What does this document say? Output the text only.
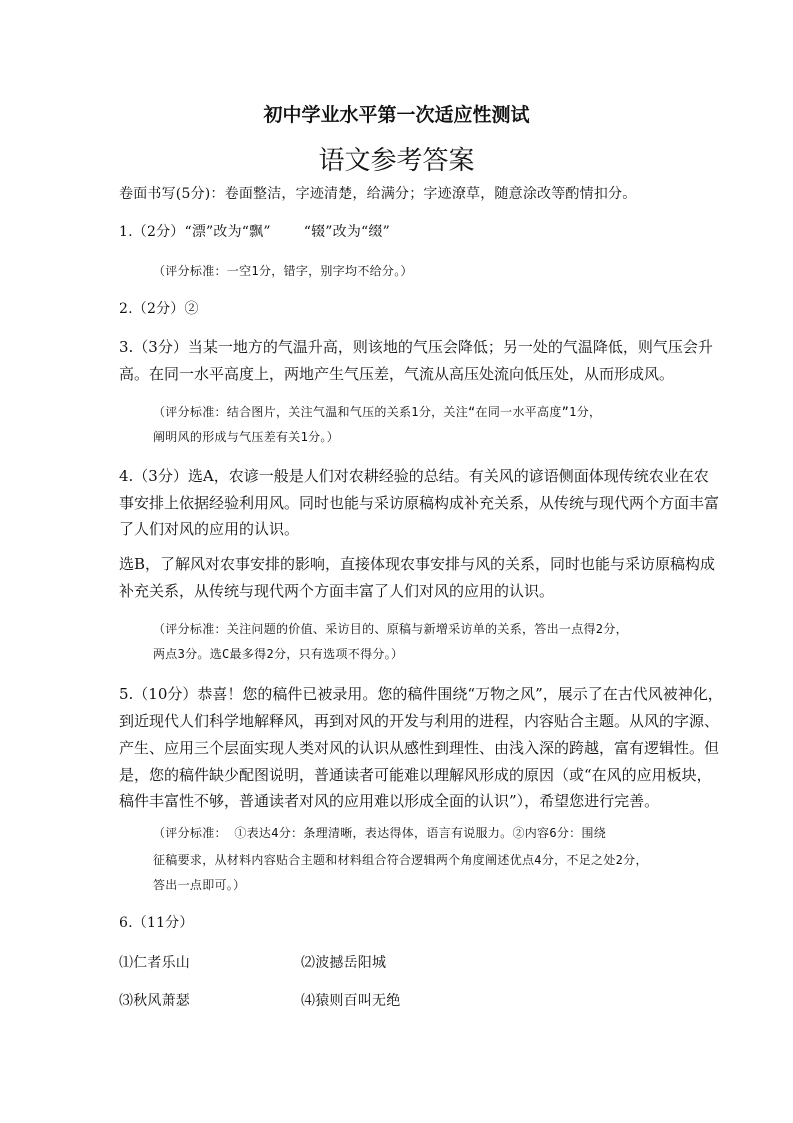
初中学业水平第一次适应性测试
语文参考答案
卷面书写(5分)：卷面整洁，字迹清楚，给满分；字迹潦草，随意涂改等酌情扣分。
1.（2分）“漂”改为“飘”　　 “辍”改为“缀”
（评分标准：一空1分，错字，别字均不给分。）
2.（2分）②
3.（3分）当某一地方的气温升高，则该地的气压会降低；另一处的气温降低，则气压会升
高。在同一水平高度上，两地产生气压差，气流从高压处流向低压处，从而形成风。
（评分标准：结合图片，关注气温和气压的关系1分，关注“在同一水平高度”1分，
阐明风的形成与气压差有关1分。）
4.（3分）选A，农谚一般是人们对农耕经验的总结。有关风的谚语侧面体现传统农业在农
事安排上依据经验利用风。同时也能与采访原稿构成补充关系，从传统与现代两个方面丰富
了人们对风的应用的认识。
选B，了解风对农事安排的影响，直接体现农事安排与风的关系，同时也能与采访原稿构成
补充关系，从传统与现代两个方面丰富了人们对风的应用的认识。
（评分标准：关注问题的价值、采访目的、原稿与新增采访单的关系，答出一点得2分，
两点3分。选C最多得2分，只有选项不得分。）
5.（10分）恭喜！您的稿件已被录用。您的稿件围绕“万物之风”，展示了在古代风被神化，
到近现代人们科学地解释风，再到对风的开发与利用的进程，内容贴合主题。从风的字源、
产生、应用三个层面实现人类对风的认识从感性到理性、由浅入深的跨越，富有逻辑性。但
是，您的稿件缺少配图说明，普通读者可能难以理解风形成的原因（或“在风的应用板块，
稿件丰富性不够，普通读者对风的应用难以形成全面的认识”），希望您进行完善。
（评分标准： ①表达4分：条理清晰，表达得体，语言有说服力。②内容6分：围绕
征稿要求，从材料内容贴合主题和材料组合符合逻辑两个角度阐述优点4分，不足之处2分，
答出一点即可。）
6.（11分）
⑴仁者乐山	⑵波撼岳阳城
⑶秋风萧瑟	⑷猿则百叫无绝
